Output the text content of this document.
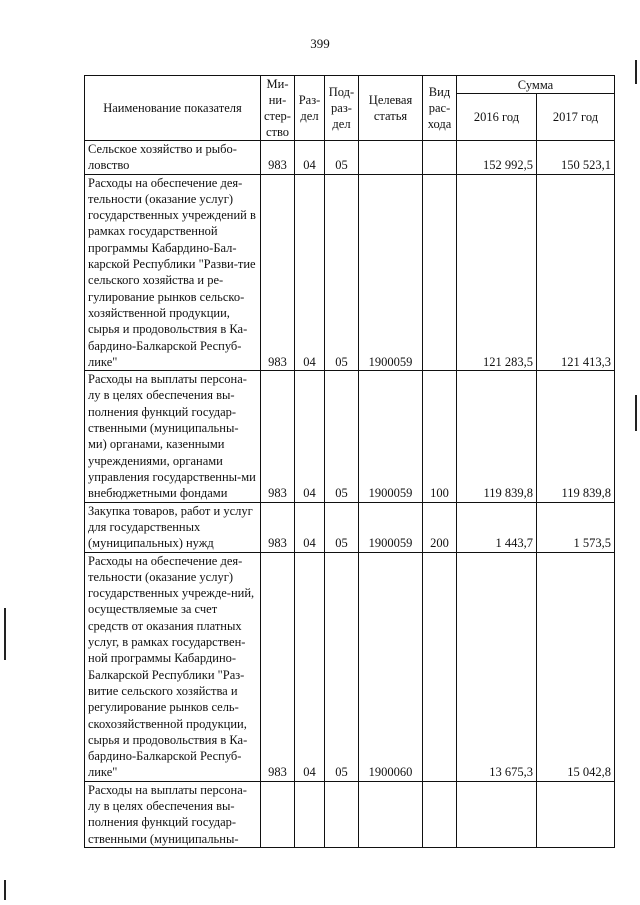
399
Наименование показателя	Ми-ни-стер-ство	Раз-дел	Под-раз-дел	Целевая статья	Вид рас-хода	Сумма	
						2016 год	2017 год
Сельское хозяйство и рыбо-ловство	983	04	05			152 992,5	150 523,1
Расходы на обеспечение дея-тельности (оказание услуг) государственных учреждений в рамках государственной программы Кабардино-Бал-карской Республики "Разви-тие сельского хозяйства и ре-гулирование рынков сельско-хозяйственной продукции, сырья и продовольствия в Ка-бардино-Балкарской Респуб-лике"	983	04	05	1900059		121 283,5	121 413,3
Расходы на выплаты персона-лу в целях обеспечения вы-полнения функций государ-ственными (муниципальны-ми) органами, казенными учреждениями, органами управления государственны-ми внебюджетными фондами	983	04	05	1900059	100	119 839,8	119 839,8
Закупка товаров, работ и услуг для государственных (муниципальных) нужд	983	04	05	1900059	200	1 443,7	1 573,5
Расходы на обеспечение дея-тельности (оказание услуг) государственных учрежде-ний, осуществляемые за счет средств от оказания платных услуг, в рамках государствен-ной программы Кабардино-Балкарской Республики "Раз-витие сельского хозяйства и регулирование рынков сель-скохозяйственной продукции, сырья и продовольствия в Ка-бардино-Балкарской Респуб-лике"	983	04	05	1900060		13 675,3	15 042,8
Расходы на выплаты персона-лу в целях обеспечения вы-полнения функций государ-ственными (муниципальны-							
